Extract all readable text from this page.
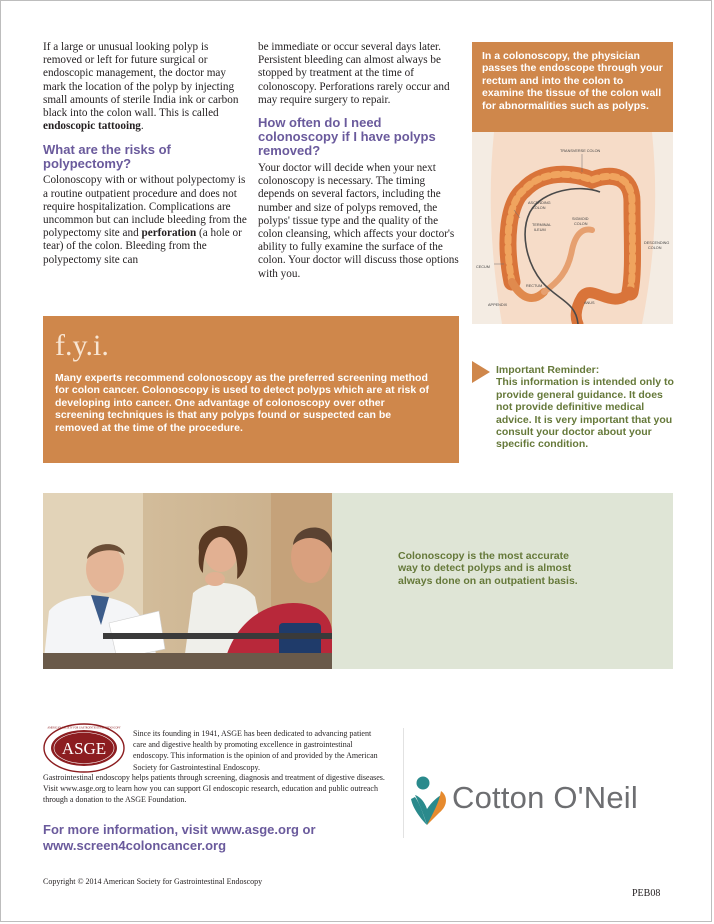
If a large or unusual looking polyp is removed or left for future surgical or endoscopic management, the doctor may mark the location of the polyp by injecting small amounts of sterile India ink or carbon black into the colon wall. This is called endoscopic tattooing.

What are the risks of polypectomy?

Colonoscopy with or without polypectomy is a routine outpatient procedure and does not require hospitalization. Complications are uncommon but can include bleeding from the polypectomy site and perforation (a hole or tear) of the colon. Bleeding from the polypectomy site can

be immediate or occur several days later. Persistent bleeding can almost always be stopped by treatment at the time of colonoscopy. Perforations rarely occur and may require surgery to repair.

How often do I need colonoscopy if I have polyps removed?

Your doctor will decide when your next colonoscopy is necessary. The timing depends on several factors, including the number and size of polyps removed, the polyps' tissue type and the quality of the colon cleansing, which affects your doctor's ability to fully examine the surface of the colon. Your doctor will discuss those options with you.

In a colonoscopy, the physician passes the endoscope through your rectum and into the colon to examine the tissue of the colon wall for abnormalities such as polyps.
TRANSVERSE COLON
ASCENDING
COLON
TERMINAL
ILEUM
SIGMOID
COLON
DESCENDING
COLON
CECUM
RECTUM
APPENDIX	ANUS
f.y.i.
Many experts recommend colonoscopy as the preferred screening method for colon cancer. Colonoscopy is used to detect polyps which are at risk of developing into cancer. One advantage of colonoscopy over other screening techniques is that any polyps found or suspected can be removed at the time of the procedure.

Important Reminder:

This information is intended only to provide general guidance. It does not provide definitive medical advice. It is very important that you consult your doctor about your specific condition.

Colonoscopy is the most accurate way to detect polyps and is almost always done on an outpatient basis.
ASGE
AMERICAN SOCIETY FOR GASTROINTESTINAL ENDOSCOPY
Since its founding in 1941, ASGE has been dedicated to advancing patient care and digestive health by promoting excellence in gastrointestinal endoscopy. This information is the opinion of and provided by the American Society for Gastrointestinal Endoscopy.
Gastrointestinal endoscopy helps patients through screening, diagnosis and treatment of digestive diseases. Visit www.asge.org to learn how you can support GI endoscopic research, education and public outreach through a donation to the ASGE Foundation.
For more information, visit www.asge.org or
www.screen4coloncancer.org
Cotton O'Neil
Copyright © 2014 American Society for Gastrointestinal Endoscopy
PEB08
